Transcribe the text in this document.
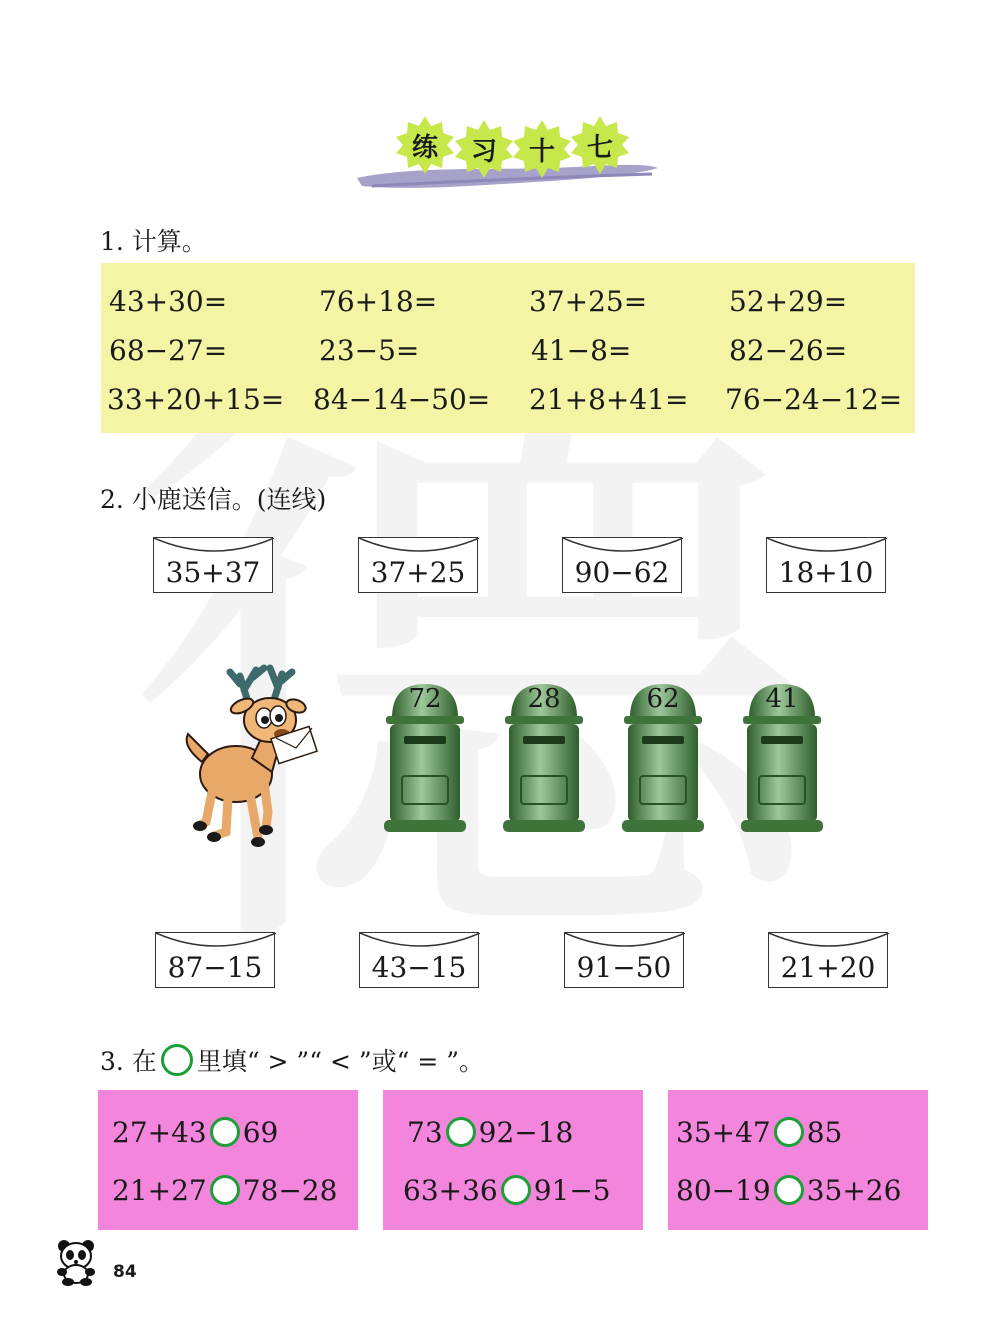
练	习	十	七
1. 计算。
43+30=	76+18=	37+25=	52+29=
68−27=	23−5=	41−8=	82−26=
33+20+15= 84−14−50= 21+8+41= 76−24−12=
2. 小鹿送信。(连线)
35+37	37+25	90−62	18+10
72	28	62	41
87−15	43−15	91−50	21+20
3. 在 里填“ > ”“ < ”或“ = ”。
27+43 69
21+27 78−28
73 92−18
63+36 91−5
35+47 85
80−19 35+26
84
